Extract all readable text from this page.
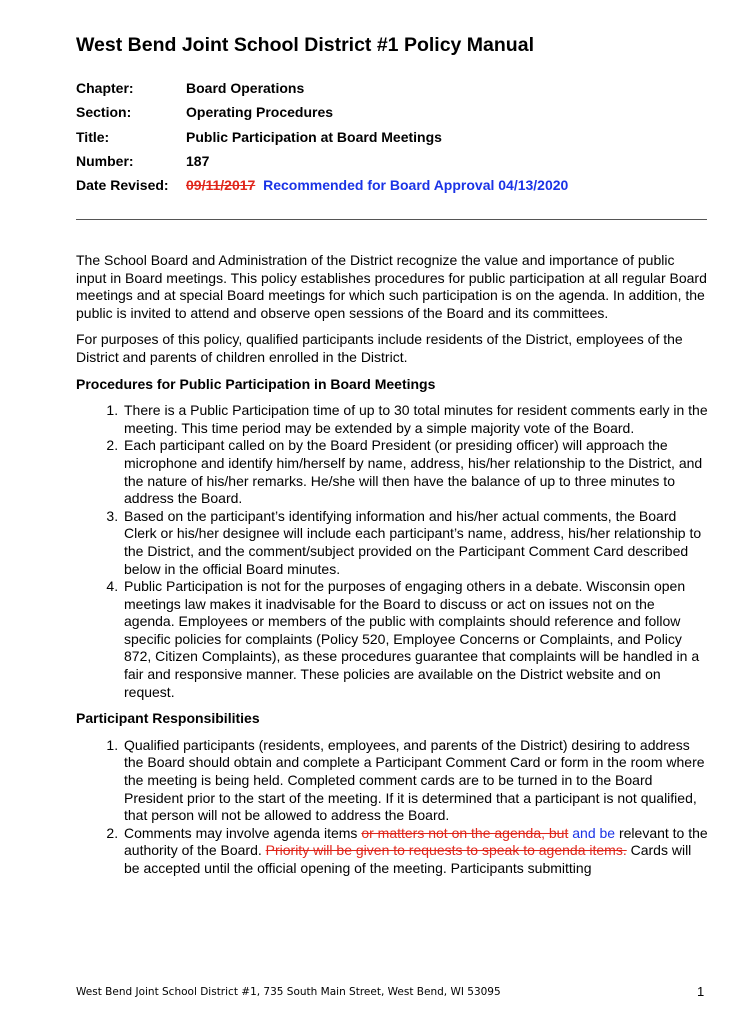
West Bend Joint School District #1 Policy Manual
Chapter:	Board Operations
Section:	Operating Procedures
Title:	Public Participation at Board Meetings
Number:	187
Date Revised: 09/11/2017 Recommended for Board Approval 04/13/2020

The School Board and Administration of the District recognize the value and importance of public input in Board meetings. This policy establishes procedures for public participation at all regular Board meetings and at special Board meetings for which such participation is on the agenda. In addition, the public is invited to attend and observe open sessions of the Board and its committees.

For purposes of this policy, qualified participants include residents of the District, employees of the District and parents of children enrolled in the District.

Procedures for Public Participation in Board Meetings
1. There is a Public Participation time of up to 30 total minutes for resident comments early in the meeting. This time period may be extended by a simple majority vote of the Board.
2. Each participant called on by the Board President (or presiding officer) will approach the microphone and identify him/herself by name, address, his/her relationship to the District, and the nature of his/her remarks. He/she will then have the balance of up to three minutes to address the Board.
3. Based on the participant’s identifying information and his/her actual comments, the Board Clerk or his/her designee will include each participant’s name, address, his/her relationship to the District, and the comment/subject provided on the Participant Comment Card described below in the official Board minutes.
4. Public Participation is not for the purposes of engaging others in a debate. Wisconsin open meetings law makes it inadvisable for the Board to discuss or act on issues not on the agenda. Employees or members of the public with complaints should reference and follow specific policies for complaints (Policy 520, Employee Concerns or Complaints, and Policy 872, Citizen Complaints), as these procedures guarantee that complaints will be handled in a fair and responsive manner. These policies are available on the District website and on request.
Participant Responsibilities
1. Qualified participants (residents, employees, and parents of the District) desiring to address the Board should obtain and complete a Participant Comment Card or form in the room where the meeting is being held. Completed comment cards are to be turned in to the Board President prior to the start of the meeting. If it is determined that a participant is not qualified, that person will not be allowed to address the Board.
2. Comments may involve agenda items or matters not on the agenda, but and be relevant to the authority of the Board. Priority will be given to requests to speak to agenda items. Cards will be accepted until the official opening of the meeting. Participants submitting
West Bend Joint School District #1, 735 South Main Street, West Bend, WI 53095	1
